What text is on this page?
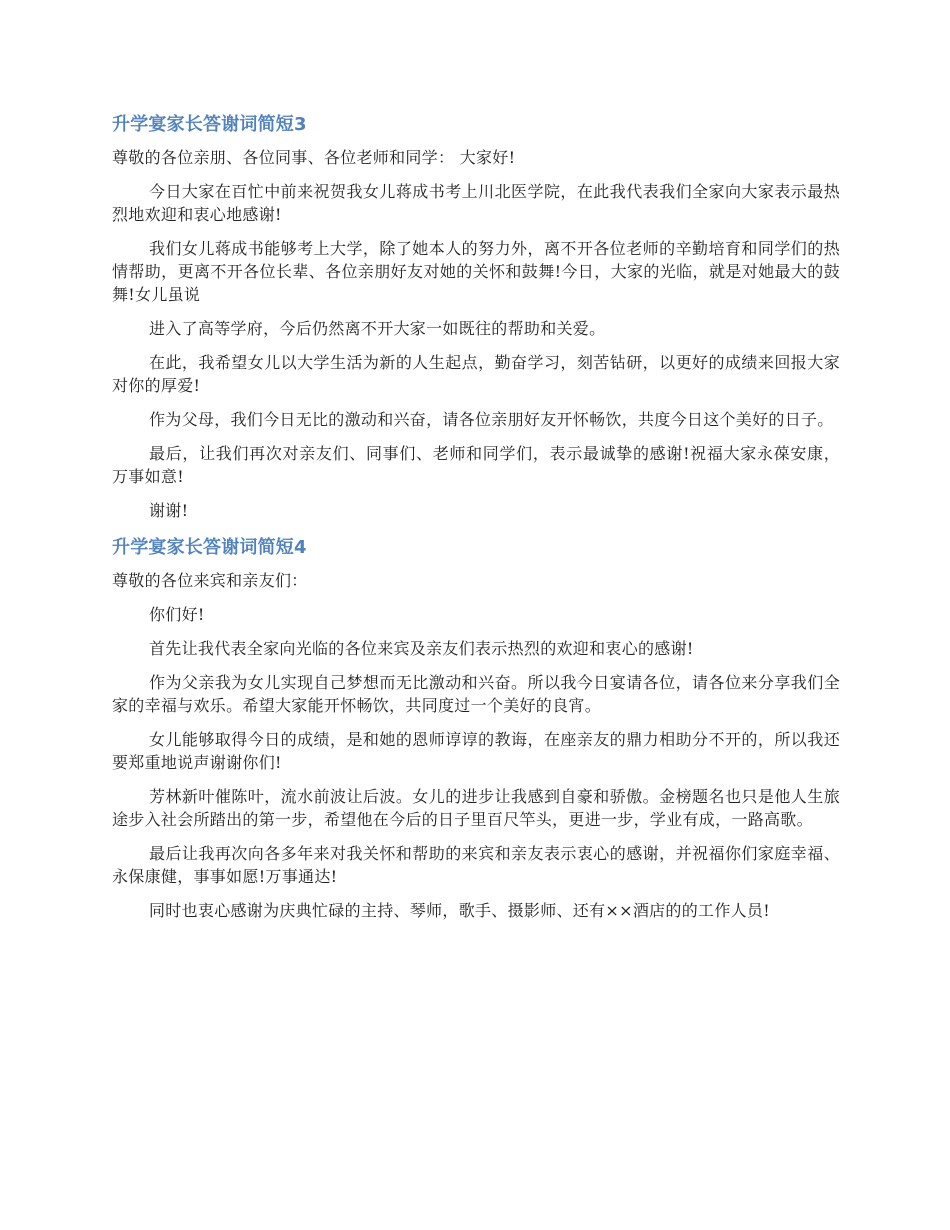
升学宴家长答谢词简短3

尊敬的各位亲朋、各位同事、各位老师和同学： 大家好!

今日大家在百忙中前来祝贺我女儿蒋成书考上川北医学院，在此我代表我们全家向大家表示最热烈地欢迎和衷心地感谢!

我们女儿蒋成书能够考上大学，除了她本人的努力外，离不开各位老师的辛勤培育和同学们的热情帮助，更离不开各位长辈、各位亲朋好友对她的关怀和鼓舞!今日，大家的光临，就是对她最大的鼓舞!女儿虽说

进入了高等学府，今后仍然离不开大家一如既往的帮助和关爱。

在此，我希望女儿以大学生活为新的人生起点，勤奋学习，刻苦钻研，以更好的成绩来回报大家对你的厚爱!

作为父母，我们今日无比的激动和兴奋，请各位亲朋好友开怀畅饮，共度今日这个美好的日子。

最后，让我们再次对亲友们、同事们、老师和同学们，表示最诚挚的感谢!祝福大家永葆安康，万事如意!

谢谢!

升学宴家长答谢词简短4

尊敬的各位来宾和亲友们：

你们好!

首先让我代表全家向光临的各位来宾及亲友们表示热烈的欢迎和衷心的感谢!

作为父亲我为女儿实现自己梦想而无比激动和兴奋。所以我今日宴请各位，请各位来分享我们全家的幸福与欢乐。希望大家能开怀畅饮，共同度过一个美好的良宵。

女儿能够取得今日的成绩，是和她的恩师谆谆的教诲，在座亲友的鼎力相助分不开的，所以我还要郑重地说声谢谢你们!

芳林新叶催陈叶，流水前波让后波。女儿的进步让我感到自豪和骄傲。金榜题名也只是他人生旅途步入社会所踏出的第一步，希望他在今后的日子里百尺竿头，更进一步，学业有成，一路高歌。

最后让我再次向各多年来对我关怀和帮助的来宾和亲友表示衷心的感谢，并祝福你们家庭幸福、永保康健，事事如愿!万事通达!

同时也衷心感谢为庆典忙碌的主持、琴师，歌手、摄影师、还有××酒店的的工作人员!
